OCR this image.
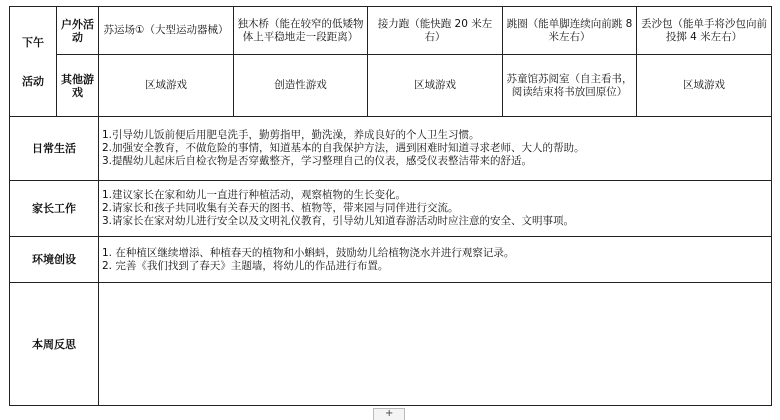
下午
活动	户外活动	苏运场①（大型运动器械）	独木桥（能在较窄的低矮物体上平稳地走一段距离）	接力跑（能快跑 20 米左右）	跳圈（能单脚连续向前跳 8 米左右）	丢沙包（能单手将沙包向前投掷 4 米左右）
	其他游戏	区域游戏	创造性游戏	区域游戏	苏童馆苏阅室（自主看书，阅读结束将书放回原位）	区域游戏
日常生活		1.引导幼儿饭前便后用肥皂洗手，勤剪指甲，勤洗澡，养成良好的个人卫生习惯。
2.加强安全教育，不做危险的事情，知道基本的自我保护方法，遇到困难时知道寻求老师、大人的帮助。
3.提醒幼儿起床后自检衣物是否穿戴整齐，学习整理自己的仪表，感受仪表整洁带来的舒适。				

家长工作		1.建议家长在家和幼儿一直进行种植活动，观察植物的生长变化。
2.请家长和孩子共同收集有关春天的图书、植物等，带来园与同伴进行交流。
3.请家长在家对幼儿进行安全以及文明礼仪教育，引导幼儿知道春游活动时应注意的安全、文明事项。				

环境创设		1. 在种植区继续增添、种植春天的植物和小蝌蚪，鼓励幼儿给植物浇水并进行观察记录。
2. 完善《我们找到了春天》主题墙，将幼儿的作品进行布置。				

本周反思						
+
